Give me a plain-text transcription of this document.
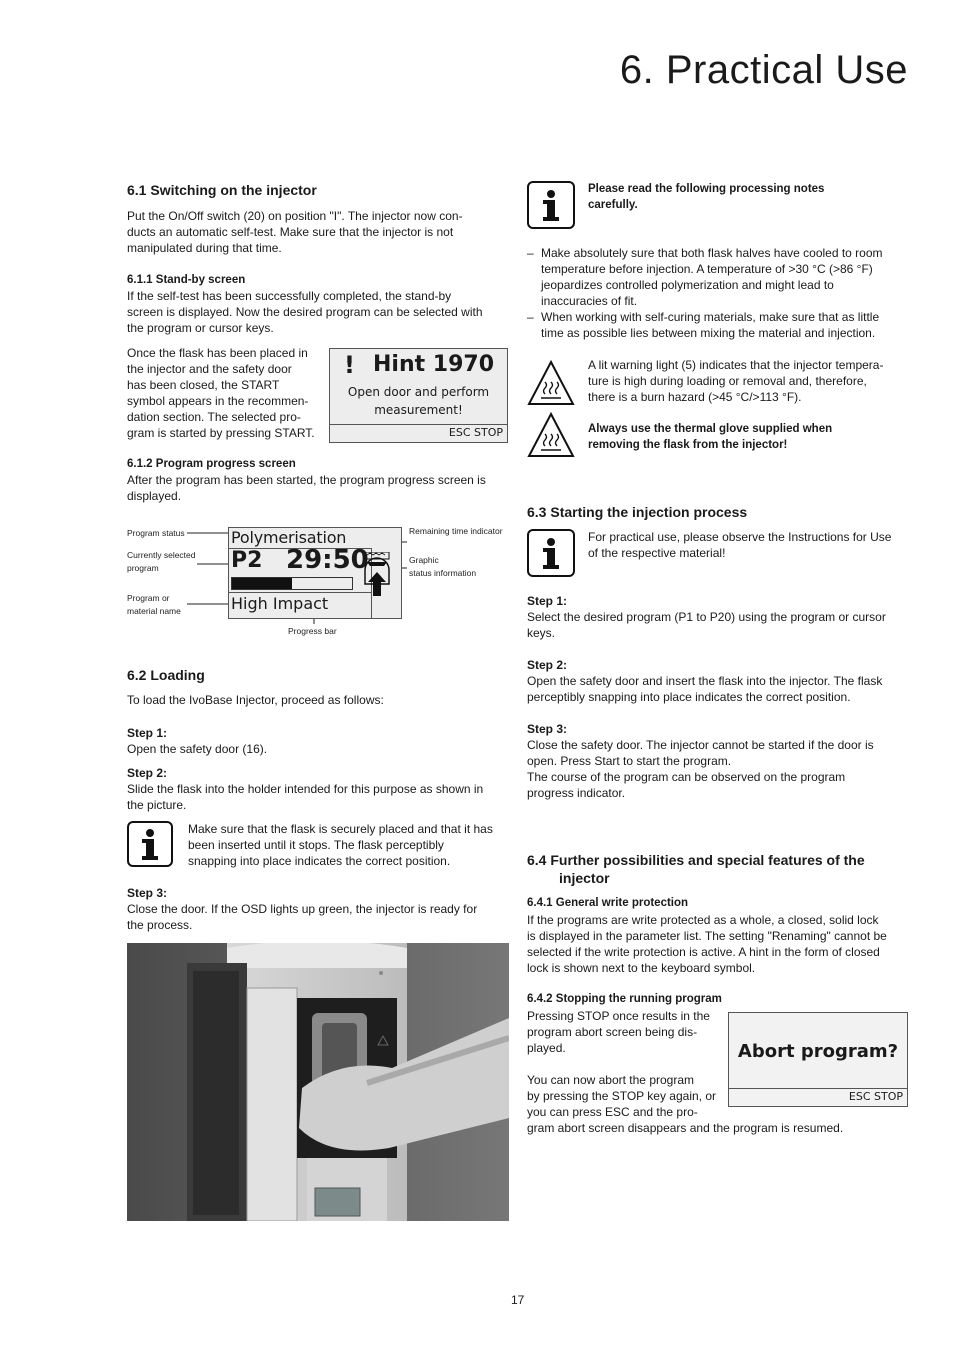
6. Practical Use
6.1 Switching on the injector

Put the On/Off switch (20) on position "I". The injector now con-

ducts an automatic self-test. Make sure that the injector is not

manipulated during that time.

6.1.1 Stand-by screen

If the self-test has been successfully completed, the stand-by

screen is displayed. Now the desired program can be selected with

the program or cursor keys.

Once the flask has been placed in

the injector and the safety door

has been closed, the START

symbol appears in the recommen-

dation section. The selected pro-

gram is started by pressing START.

! Hint 1970
Open door and perform
measurement!
ESC STOP
6.1.2 Program progress screen

After the program has been started, the program progress screen is

displayed.

Program status
Currently selected
program
Program or
material name
Remaining time indicator
Graphic
status information
Progress bar
Polymerisation
P2 29:50
High Impact
6.2 Loading
To load the IvoBase Injector, proceed as follows:
Step 1:
Open the safety door (16).
Step 2:

Slide the flask into the holder intended for this purpose as shown in

the picture.

Make sure that the flask is securely placed and that it has

been inserted until it stops. The flask perceptibly

snapping into place indicates the correct position.

Step 3:

Close the door. If the OSD lights up green, the injector is ready for

the process.

Please read the following processing notes

carefully.

– Make absolutely sure that both flask halves have cooled to room
temperature before injection. A temperature of >30 °C (>86 °F)
jeopardizes controlled polymerization and might lead to
inaccuracies of fit.
– When working with self-curing materials, make sure that as little
time as possible lies between mixing the material and injection.

A lit warning light (5) indicates that the injector tempera-

ture is high during loading or removal and, therefore,

there is a burn hazard (>45 °C/>113 °F).

Always use the thermal glove supplied when

removing the flask from the injector!

6.3 Starting the injection process

For practical use, please observe the Instructions for Use

of the respective material!

Step 1:

Select the desired program (P1 to P20) using the program or cursor

keys.

Step 2:

Open the safety door and insert the flask into the injector. The flask

perceptibly snapping into place indicates the correct position.

Step 3:

Close the safety door. The injector cannot be started if the door is

open. Press Start to start the program.

The course of the program can be observed on the program

progress indicator.

6.4 Further possibilities and special features of the
injector
6.4.1 General write protection

If the programs are write protected as a whole, a closed, solid lock

is displayed in the parameter list. The setting "Renaming" cannot be

selected if the write protection is active. A hint in the form of closed

lock is shown next to the keyboard symbol.

6.4.2 Stopping the running program

Pressing STOP once results in the

program abort screen being dis-

played.

You can now abort the program

by pressing the STOP key again, or

you can press ESC and the pro-

gram abort screen disappears and the program is resumed.
Abort program?
ESC STOP
17
